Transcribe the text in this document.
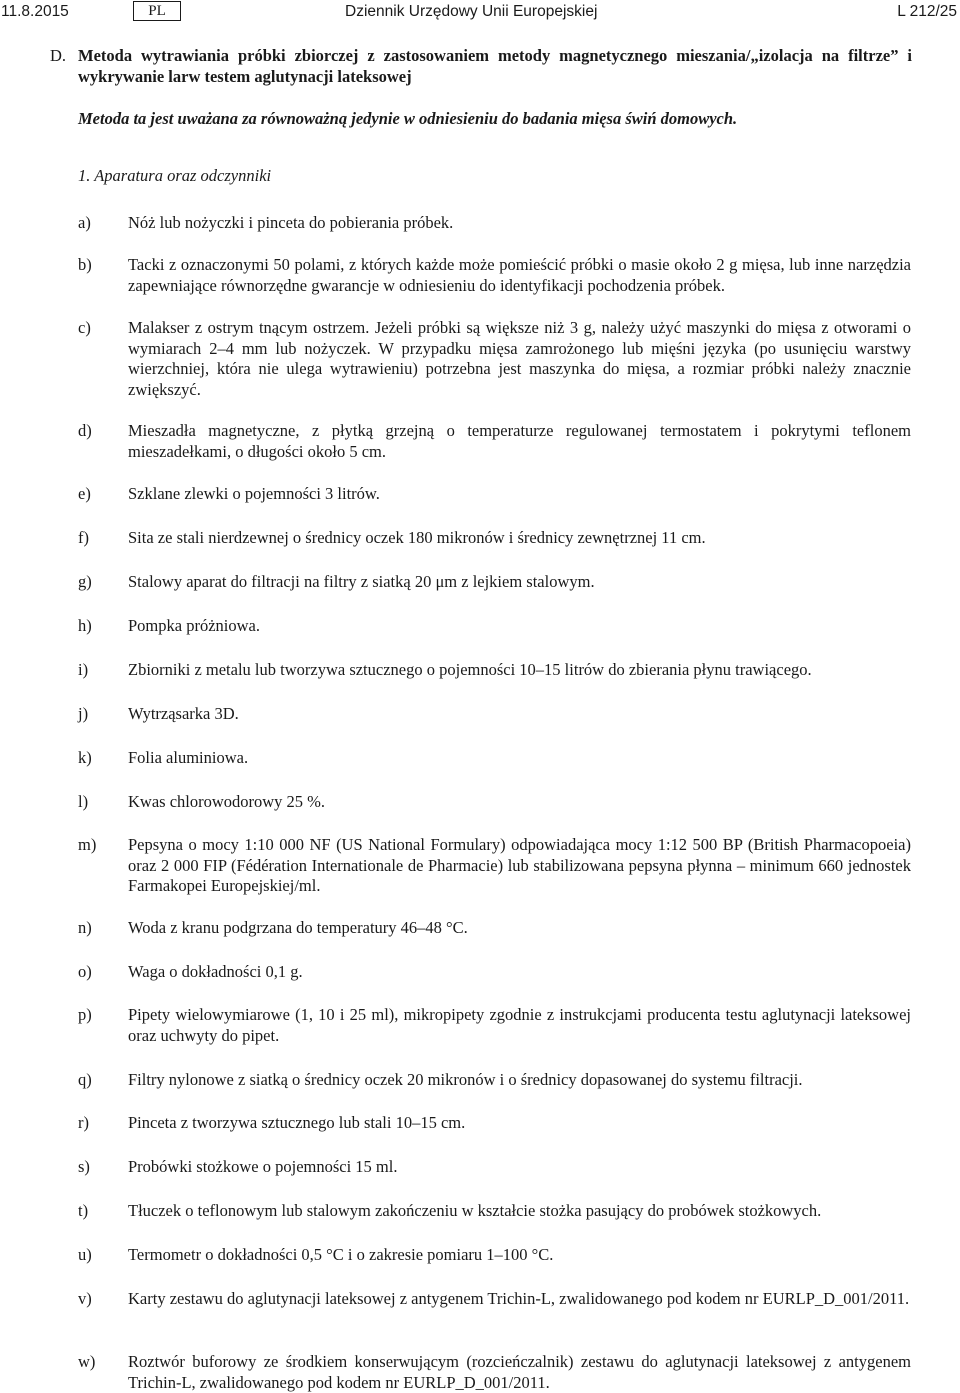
11.8.2015	PL	Dziennik Urzędowy Unii Europejskiej	L 212/25
D. Metoda wytrawiania próbki zbiorczej z zastosowaniem metody magnetycznego mieszania/„izolacja na filtrze” i wykrywanie larw testem aglutynacji lateksowej
Metoda ta jest uważana za równoważną jedynie w odniesieniu do badania mięsa świń domowych.
1. Aparatura oraz odczynniki
a)	Nóż lub nożyczki i pinceta do pobierania próbek.
b)	Tacki z oznaczonymi 50 polami, z których każde może pomieścić próbki o masie około 2 g mięsa, lub inne narzędzia zapewniające równorzędne gwarancje w odniesieniu do identyfikacji pochodzenia próbek.
c)	Malakser z ostrym tnącym ostrzem. Jeżeli próbki są większe niż 3 g, należy użyć maszynki do mięsa z otworami o wymiarach 2–4 mm lub nożyczek. W przypadku mięsa zamrożonego lub mięśni języka (po usunięciu warstwy wierzchniej, która nie ulega wytrawieniu) potrzebna jest maszynka do mięsa, a rozmiar próbki należy znacznie zwiększyć.
d)	Mieszadła magnetyczne, z płytką grzejną o temperaturze regulowanej termostatem i pokrytymi teflonem mieszadełkami, o długości około 5 cm.
e)	Szklane zlewki o pojemności 3 litrów.
f)	Sita ze stali nierdzewnej o średnicy oczek 180 mikronów i średnicy zewnętrznej 11 cm.
g)	Stalowy aparat do filtracji na filtry z siatką 20 μm z lejkiem stalowym.
h)	Pompka próżniowa.
i)	Zbiorniki z metalu lub tworzywa sztucznego o pojemności 10–15 litrów do zbierania płynu trawiącego.
j)	Wytrząsarka 3D.
k)	Folia aluminiowa.
l)	Kwas chlorowodorowy 25 %.
m)	Pepsyna o mocy 1:10 000 NF (US National Formulary) odpowiadająca mocy 1:12 500 BP (British Pharmacopoeia) oraz 2 000 FIP (Fédération Internationale de Pharmacie) lub stabilizowana pepsyna płynna – minimum 660 jednostek Farmakopei Europejskiej/ml.
n)	Woda z kranu podgrzana do temperatury 46–48 °C.
o)	Waga o dokładności 0,1 g.
p)	Pipety wielowymiarowe (1, 10 i 25 ml), mikropipety zgodnie z instrukcjami producenta testu aglutynacji lateksowej oraz uchwyty do pipet.
q)	Filtry nylonowe z siatką o średnicy oczek 20 mikronów i o średnicy dopasowanej do systemu filtracji.
r)	Pinceta z tworzywa sztucznego lub stali 10–15 cm.
s)	Probówki stożkowe o pojemności 15 ml.
t)	Tłuczek o teflonowym lub stalowym zakończeniu w kształcie stożka pasujący do probówek stożkowych.
u)	Termometr o dokładności 0,5 °C i o zakresie pomiaru 1–100 °C.
v)	Karty zestawu do aglutynacji lateksowej z antygenem Trichin-L, zwalidowanego pod kodem nr EURLP_D_001/2011.
w)	Roztwór buforowy ze środkiem konserwującym (rozcieńczalnik) zestawu do aglutynacji lateksowej z antygenem Trichin-L, zwalidowanego pod kodem nr EURLP_D_001/2011.
